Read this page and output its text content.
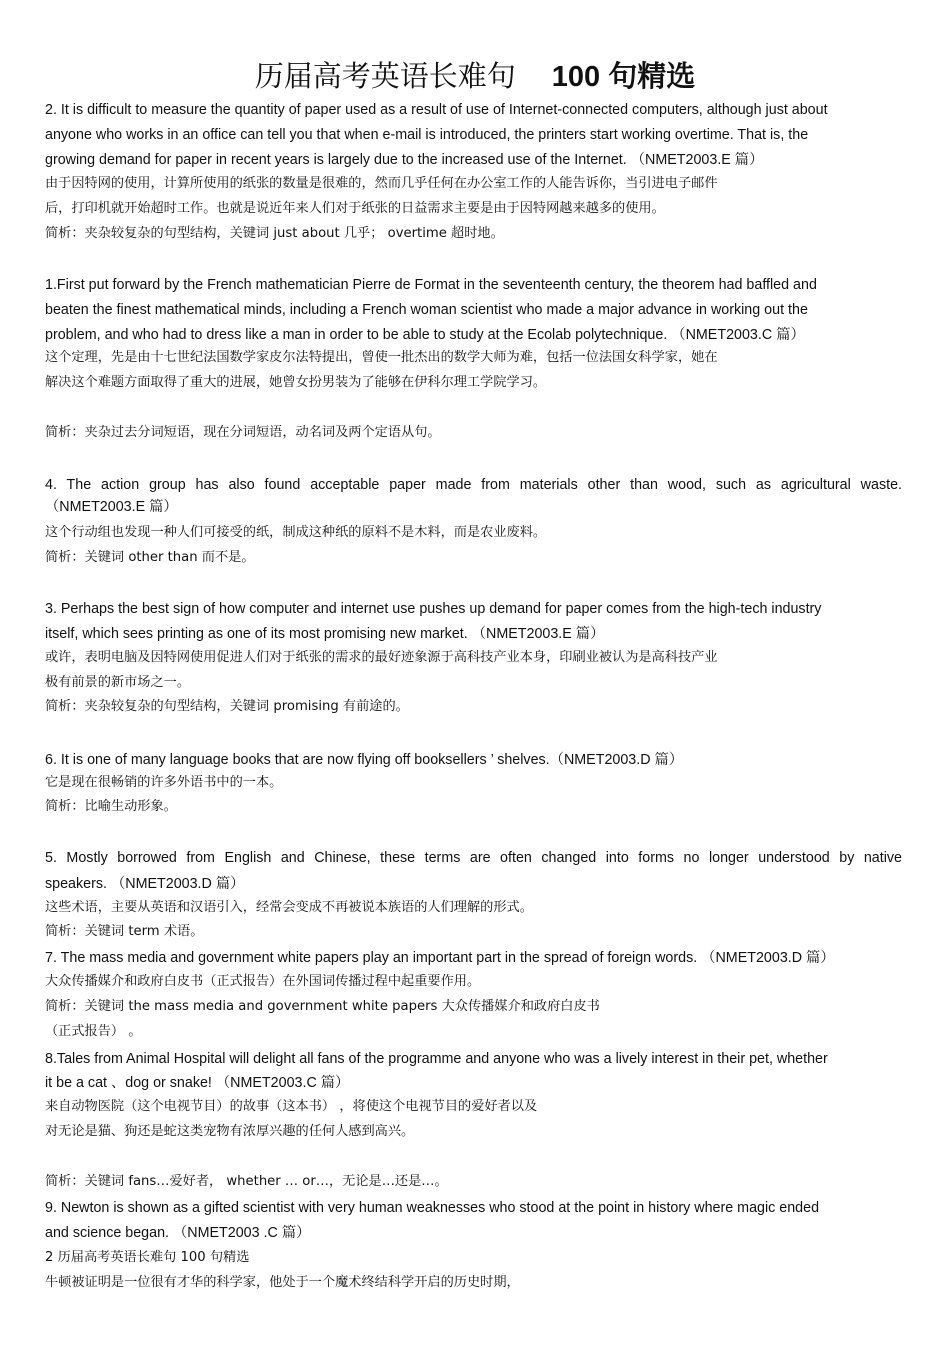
历届高考英语长难句 100 句精选
2. It is difficult to measure the quantity of paper used as a result of use of Internet-connected computers, although just about
anyone who works in an office can tell you that when e-mail is introduced, the printers start working overtime. That is, the
growing demand for paper in recent years is largely due to the increased use of the Internet. （NMET2003.E 篇）
由于因特网的使用，计算所使用的纸张的数量是很难的，然而几乎任何在办公室工作的人能告诉你，当引进电子邮件
后，打印机就开始超时工作。也就是说近年来人们对于纸张的日益需求主要是由于因特网越来越多的使用。
简析：夹杂较复杂的句型结构，关键词 just about 几乎； overtime 超时地。
1.First put forward by the French mathematician Pierre de Format in the seventeenth century, the theorem had baffled and
beaten the finest mathematical minds, including a French woman scientist who made a major advance in working out the
problem, and who had to dress like a man in order to be able to study at the Ecolab polytechnique. （NMET2003.C 篇）
这个定理，先是由十七世纪法国数学家皮尔法特提出，曾使一批杰出的数学大师为难，包括一位法国女科学家，她在
解决这个难题方面取得了重大的进展，她曾女扮男装为了能够在伊科尔理工学院学习。
简析：夹杂过去分词短语，现在分词短语，动名词及两个定语从句。
4. The action group has also found acceptable paper made from materials other than wood, such as agricultural waste.
（NMET2003.E 篇）
这个行动组也发现一种人们可接受的纸，制成这种纸的原料不是木料，而是农业废料。
简析：关键词 other than 而不是。
3. Perhaps the best sign of how computer and internet use pushes up demand for paper comes from the high-tech industry
itself, which sees printing as one of its most promising new market. （NMET2003.E 篇）
或许，表明电脑及因特网使用促进人们对于纸张的需求的最好迹象源于高科技产业本身，印刷业被认为是高科技产业
极有前景的新市场之一。
简析：夹杂较复杂的句型结构，关键词 promising 有前途的。
6. It is one of many language books that are now flying off booksellers ’ shelves.（NMET2003.D 篇）
它是现在很畅销的许多外语书中的一本。
简析：比喻生动形象。
5. Mostly borrowed from English and Chinese, these terms are often changed into forms no longer understood by native
speakers. （NMET2003.D 篇）
这些术语，主要从英语和汉语引入，经常会变成不再被说本族语的人们理解的形式。
简析：关键词 term 术语。
7. The mass media and government white papers play an important part in the spread of foreign words. （NMET2003.D 篇）
大众传播媒介和政府白皮书（正式报告）在外国词传播过程中起重要作用。
简析：关键词 the mass media and government white papers 大众传播媒介和政府白皮书
（正式报告） 。
8.Tales from Animal Hospital will delight all fans of the programme and anyone who was a lively interest in their pet, whether
it be a cat 、dog or snake! （NMET2003.C 篇）
来自动物医院（这个电视节目）的故事（这本书） ，将使这个电视节目的爱好者以及
对无论是猫、狗还是蛇这类宠物有浓厚兴趣的任何人感到高兴。
简析：关键词 fans…爱好者， whether … or…，无论是…还是…。
9. Newton is shown as a gifted scientist with very human weaknesses who stood at the point in history where magic ended
and science began. （NMET2003 .C 篇）
2 历届高考英语长难句 100 句精选
牛顿被证明是一位很有才华的科学家，他处于一个魔术终结科学开启的历史时期，
